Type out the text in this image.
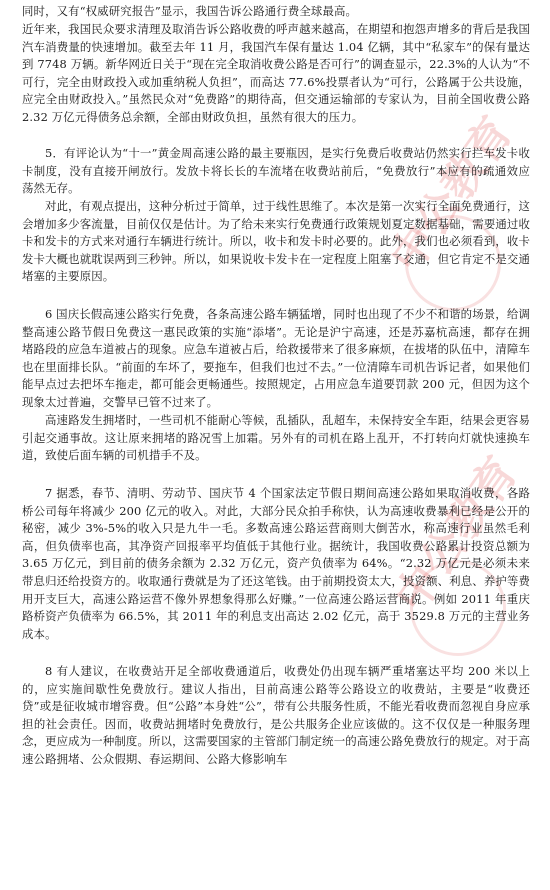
中公教育
中公教育

同时，又有“权威研究报告”显示，我国告诉公路通行费全球最高。

近年来，我国民众要求清理及取消告诉公路收费的呼声越来越高，在期望和抱怨声增多的背后是我国汽车消费量的快速增加。截至去年 11 月，我国汽车保有量达 1.04 亿辆，其中“私家车”的保有量达到 7748 万辆。新华网近日关于“现在完全取消收费公路是否可行”的调查显示，22.3%的人认为“不可行，完全由财政投入或加重纳税人负担”，而高达 77.6%投票者认为“可行，公路属于公共设施，应完全由财政投入。”虽然民众对“免费路”的期待高，但交通运输部的专家认为，目前全国收费公路 2.32 万亿元得债务总余额，全部由财政负担，虽然有很大的压力。

5．有评论认为“十一”黄金周高速公路的最主要瓶因，是实行免费后收费站仍然实行拦车发卡收卡制度，没有直接开闸放行。发放卡将长长的车流堵在收费站前后，“免费放行”本应有的疏通效应荡然无存。

对此，有观点提出，这种分析过于简单，过于线性思维了。本次是第一次实行全面免费通行，这会增加多少客流量，目前仅仅是估计。为了给未来实行免费通行政策规划夏定数据基础，需要通过收卡和发卡的方式来对通行车辆进行统计。所以，收卡和发卡时必要的。此外，我们也必须看到，收卡发卡大概也就耽误两到三秒钟。所以，如果说收卡发卡在一定程度上阻塞了交通，但它肯定不是交通堵塞的主要原因。

6 国庆长假高速公路实行免费，各条高速公路车辆猛增，同时也出现了不少不和谐的场景，给调整高速公路节假日免费这一惠民政策的实施“添堵”。无论是沪宁高速，还是苏嘉杭高速，都存在拥堵路段的应急车道被占的现象。应急车道被占后，给救援带来了很多麻烦，在拔堵的队伍中，清障车也在里面排长队。“前面的车坏了，要拖车，但我们也过不去。”一位清障车司机告诉记者，如果他们能早点过去把坏车拖走，都可能会更畅通些。按照规定，占用应急车道要罚款 200 元，但因为这个现象太过普遍，交警早已管不过来了。

高速路发生拥堵时，一些司机不能耐心等候，乱插队，乱超车，未保持安全车距，结果会更容易引起交通事故。这让原来拥堵的路况雪上加霜。另外有的司机在路上乱开，不打转向灯就快速换车道，致使后面车辆的司机措手不及。

7 据悉，春节、清明、劳动节、国庆节 4 个国家法定节假日期间高速公路如果取消收费，各路桥公司每年将减少 200 亿元的收入。对此，大部分民众拍手称快，认为高速收费暴利已经是公开的秘密，减少 3%-5%的收入只是九牛一毛。多数高速公路运营商则大倒苦水，称高速行业虽然毛利高，但负债率也高，其净资产回报率平均值低于其他行业。据统计，我国收费公路累计投资总额为 3.65 万亿元，到目前的债务余额为 2.32 万亿元，资产负债率为 64%。“2.32 万亿元是必须未来带息归还给投资方的。收取通行费就是为了还这笔钱。由于前期投资太大，投资额、利息、养护等费用开支巨大，高速公路运营不像外界想象得那么好赚。”一位高速公路运营商说。例如 2011 年重庆路桥资产负债率为 66.5%，其 2011 年的利息支出高达 2.02 亿元，高于 3529.8 万元的主营业务成本。

8 有人建议，在收费站开足全部收费通道后，收费处仍出现车辆严重堵塞达平均 200 米以上的，应实施间歇性免费放行。建议人指出，目前高速公路等公路设立的收费站，主要是“收费还贷”或是征收城市增容费。但“公路”本身姓“公”，带有公共服务性质，不能光看收费而忽视自身应承担的社会责任。因而，收费站拥堵时免费放行，是公共服务企业应该做的。这不仅仅是一种服务理念，更应成为一种制度。所以，这需要国家的主管部门制定统一的高速公路免费放行的规定。对于高速公路拥堵、公众假期、春运期间、公路大修影响车
